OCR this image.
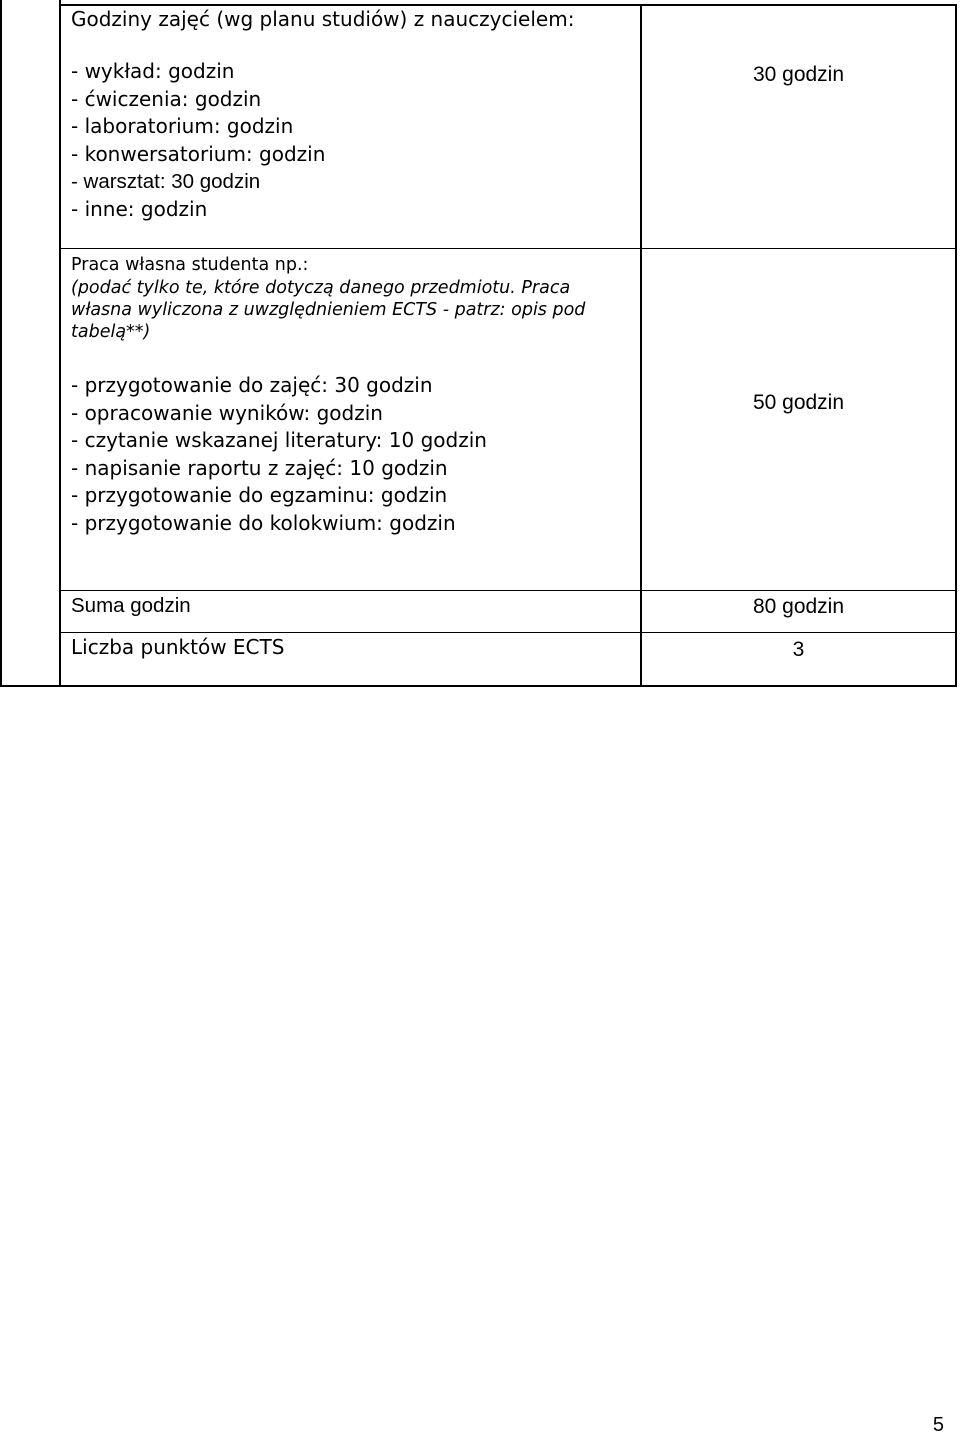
Godziny zajęć (wg planu studiów) z nauczycielem:
- wykład: godzin
- ćwiczenia: godzin
- laboratorium: godzin
- konwersatorium: godzin
- warsztat: 30 godzin
- inne: godzin
30 godzin
Praca własna studenta np.:
(podać tylko te, które dotyczą danego przedmiotu. Praca
własna wyliczona z uwzględnieniem ECTS - patrz: opis pod
tabelą**)
- przygotowanie do zajęć: 30 godzin
- opracowanie wyników: godzin
- czytanie wskazanej literatury: 10 godzin
- napisanie raportu z zajęć: 10 godzin
- przygotowanie do egzaminu: godzin
- przygotowanie do kolokwium: godzin
50 godzin
Suma godzin	80 godzin
Liczba punktów ECTS	3
5
